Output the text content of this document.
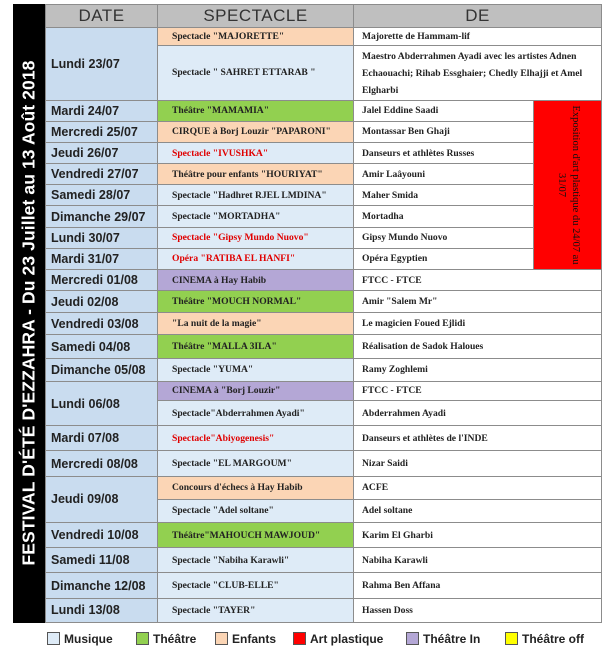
FESTIVAL D'ÉTÉ D'EZZAHRA - Du 23 Juillet au 13 Août 2018
DATE	SPECTACLE	DE	
Lundi 23/07	Spectacle "MAJORETTE"	Majorette de Hammam-lif	
	Spectacle " SAHRET ETTARAB "	Maestro Abderrahmen Ayadi avec les artistes Adnen Echaouachi; Rihab Essghaier; Chedly Elhajji et Amel Elgharbi	
Mardi 24/07	Théâtre "MAMAMIA"	Jalel Eddine Saadi	Exposition d'art plastique du 24/07 au 31/07

Mercredi 25/07	CIRQUE à Borj Louzir "PAPARONI"	Montassar Ben Ghaji	
Jeudi 26/07	Spectacle "IVUSHKA"	Danseurs et athlètes Russes	
Vendredi 27/07	Théâtre pour enfants "HOURIYAT"	Amir Laâyouni	
Samedi 28/07	Spectacle "Hadhret RJEL LMDINA"	Maher Smida	
Dimanche 29/07	Spectacle "MORTADHA"	Mortadha	
Lundi 30/07	Spectacle "Gipsy Mundo Nuovo"	Gipsy Mundo Nuovo	
Mardi 31/07	Opéra "RATIBA EL HANFI"	Opéra Egyptien	
Mercredi 01/08	CINEMA à Hay Habib	FTCC - FTCE	
Jeudi 02/08	Théâtre "MOUCH NORMAL"	Amir "Salem Mr"	
Vendredi 03/08	"La nuit de la magie"	Le magicien Foued Ejlidi	
Samedi 04/08	Théâtre "MALLA 3ILA"	Réalisation de Sadok Haloues	
Dimanche 05/08	Spectacle "YUMA"	Ramy Zoghlemi	
Lundi 06/08	CINEMA à "Borj Louzir"	FTCC - FTCE	
	Spectacle"Abderrahmen Ayadi"	Abderrahmen Ayadi	
Mardi 07/08	Spectacle"Abiyogenesis"	Danseurs et athlètes de l'INDE	
Mercredi 08/08	Spectacle "EL MARGOUM"	Nizar Saidi	
Jeudi 09/08	Concours d'échecs à Hay Habib	ACFE	
	Spectacle "Adel soltane"	Adel soltane	
Vendredi 10/08	Théâtre"MAHOUCH MAWJOUD"	Karim El Gharbi	
Samedi 11/08	Spectacle "Nabiha Karawli"	Nabiha Karawli	
Dimanche 12/08	Spectacle "CLUB-ELLE"	Rahma Ben Affana	
Lundi 13/08	Spectacle "TAYER"	Hassen Doss	
Musique	Théâtre	Enfants	Art plastique	Théâtre In	Théâtre off
